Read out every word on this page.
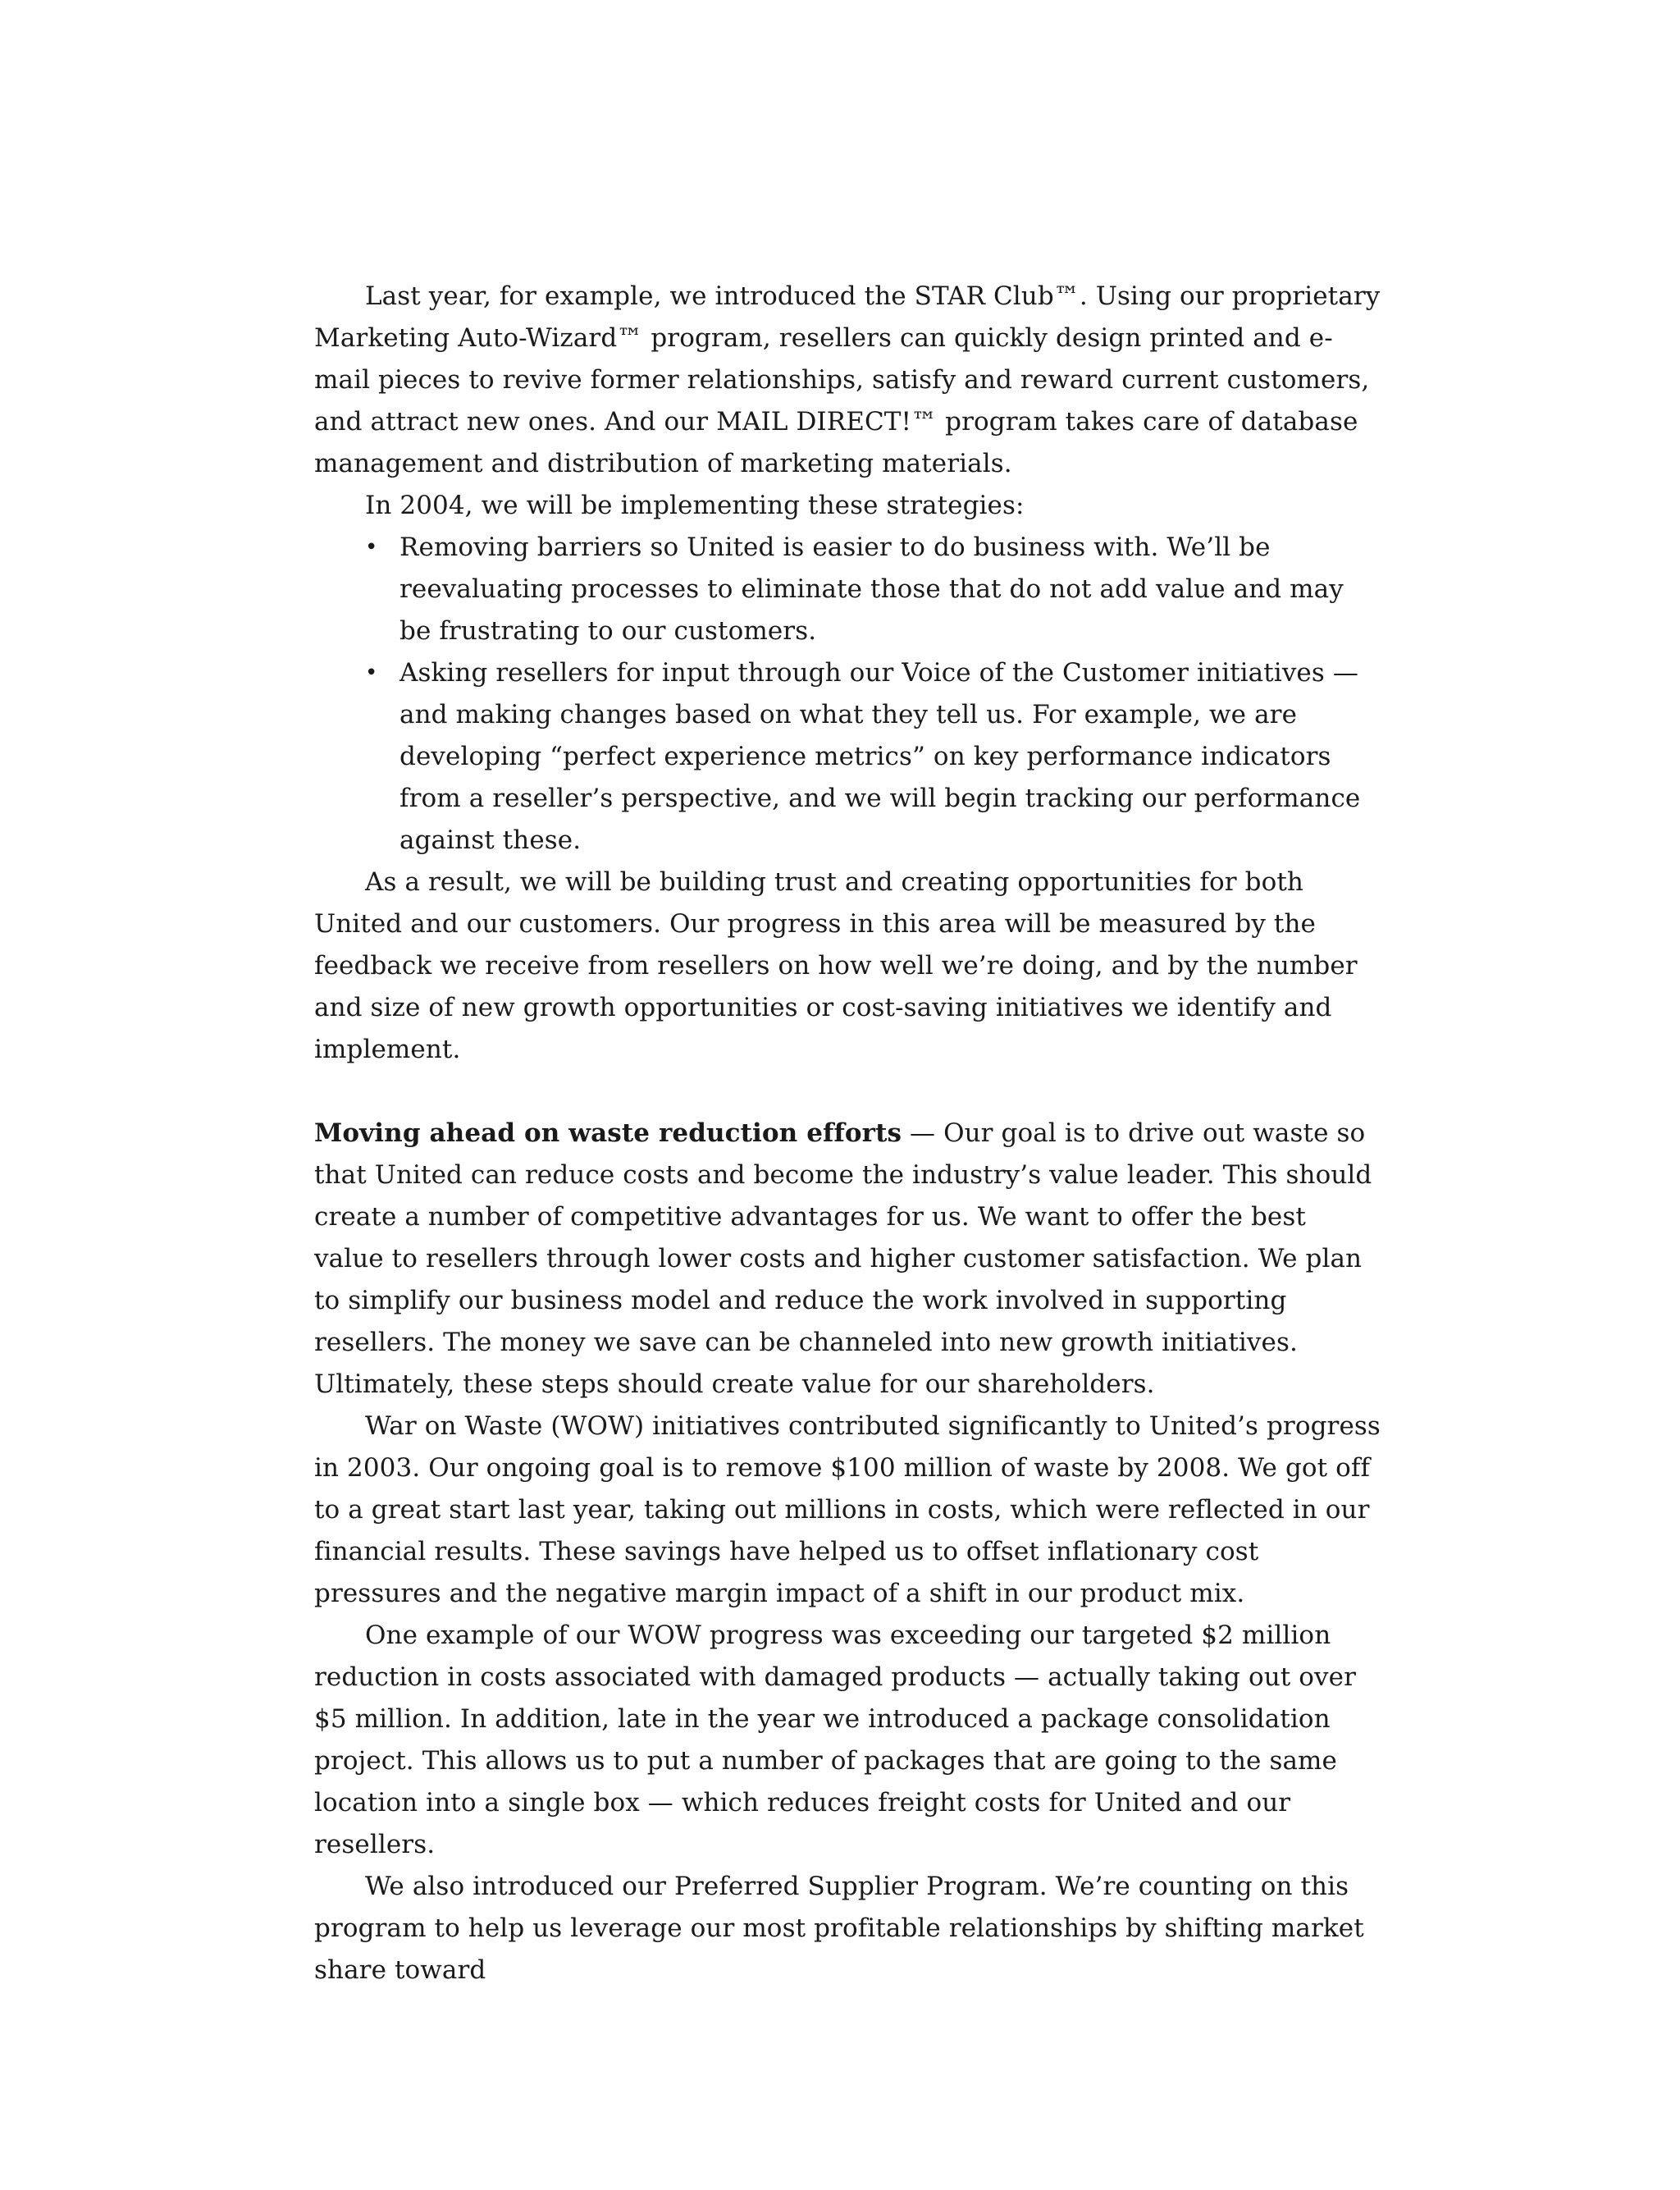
Last year, for example, we introduced the STAR Club™. Using our proprietary Marketing Auto-Wizard™ program, resellers can quickly design printed and e-mail pieces to revive former relationships, satisfy and reward current customers, and attract new ones. And our MAIL DIRECT!™ program takes care of database management and distribution of marketing materials.

In 2004, we will be implementing these strategies:

• Removing barriers so United is easier to do business with. We’ll be reevaluating processes to eliminate those that do not add value and may be frustrating to our customers.
• Asking resellers for input through our Voice of the Customer initiatives — and making changes based on what they tell us. For example, we are developing “perfect experience metrics” on key performance indicators from a reseller’s perspective, and we will begin tracking our performance against these.

As a result, we will be building trust and creating opportunities for both United and our customers. Our progress in this area will be measured by the feedback we receive from resellers on how well we’re doing, and by the number and size of new growth opportunities or cost-saving initiatives we identify and implement.

Moving ahead on waste reduction efforts — Our goal is to drive out waste so that United can reduce costs and become the industry’s value leader. This should create a number of competitive advantages for us. We want to offer the best value to resellers through lower costs and higher customer satisfaction. We plan to simplify our business model and reduce the work involved in supporting resellers. The money we save can be channeled into new growth initiatives. Ultimately, these steps should create value for our shareholders.

War on Waste (WOW) initiatives contributed significantly to United’s progress in 2003. Our ongoing goal is to remove $100 million of waste by 2008. We got off to a great start last year, taking out millions in costs, which were reflected in our financial results. These savings have helped us to offset inflationary cost pressures and the negative margin impact of a shift in our product mix.

One example of our WOW progress was exceeding our targeted $2 million reduction in costs associated with damaged products — actually taking out over $5 million. In addition, late in the year we introduced a package consolidation project. This allows us to put a number of packages that are going to the same location into a single box — which reduces freight costs for United and our resellers.

We also introduced our Preferred Supplier Program. We’re counting on this program to help us leverage our most profitable relationships by shifting market share toward
